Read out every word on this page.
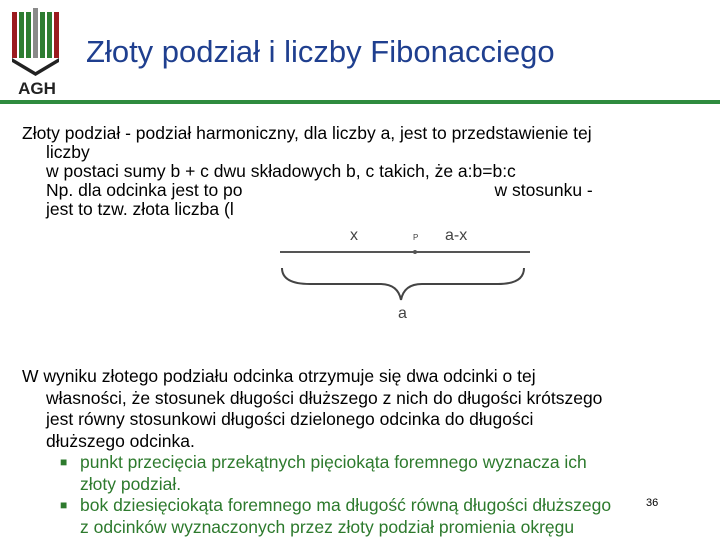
AGH
Złoty podział i liczby Fibonacciego

Złoty podział - podział harmoniczny, dla liczby a, jest to przedstawienie tej

liczby

w postaci sumy b + c dwu składowych b, c takich, że a:b=b:c

Np. dla odcinka jest to po	w stosunku -

jest to tzw. złota liczba (l

x	P a-x
a

W wyniku złotego podziału odcinka otrzymuje się dwa odcinki o tej

własności, że stosunek długości dłuższego z nich do długości krótszego

jest równy stosunkowi długości dzielonego odcinka do długości

dłuższego odcinka.

■ punkt przecięcia przekątnych pięciokąta foremnego wyznacza ich

złoty podział.

■ bok dziesięciokąta foremnego ma długość równą długości dłuższego

z odcinków wyznaczonych przez złoty podział promienia okręgu

36
